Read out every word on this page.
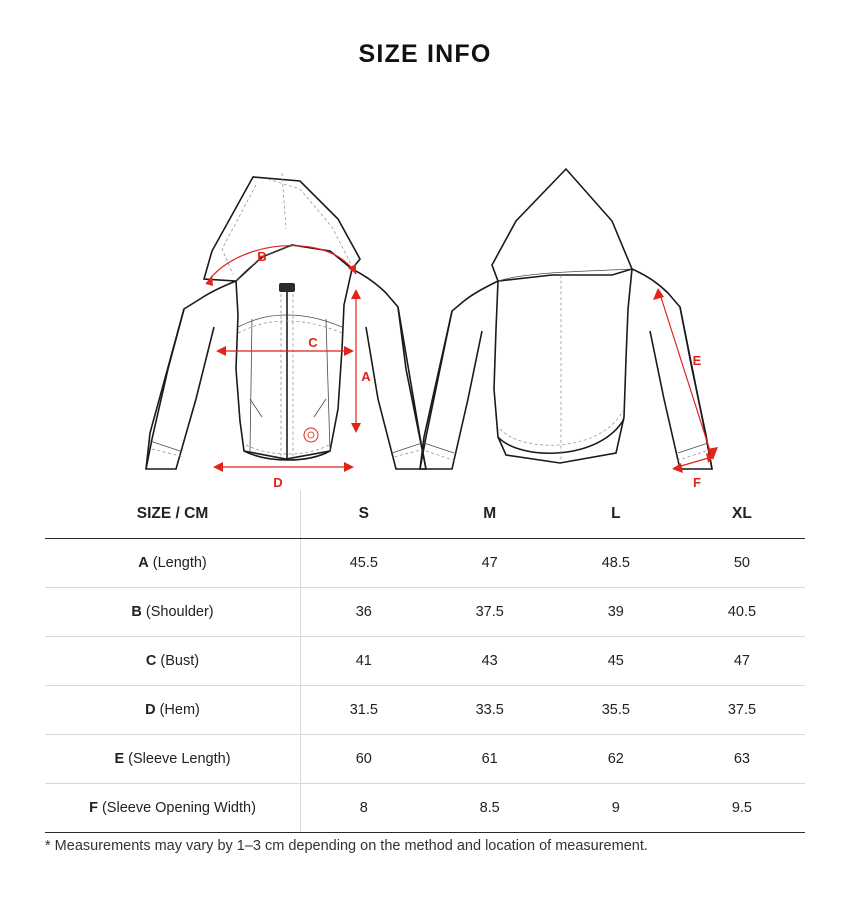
SIZE INFO
B
C
A
D
E
F
SIZE / CM	S	M	L	XL
A (Length)	45.5	47	48.5	50
B (Shoulder)	36	37.5	39	40.5
C (Bust)	41	43	45	47
D (Hem)	31.5	33.5	35.5	37.5
E (Sleeve Length)	60	61	62	63
F (Sleeve Opening Width)	8	8.5	9	9.5
* Measurements may vary by 1–3 cm depending on the method and location of measurement.
